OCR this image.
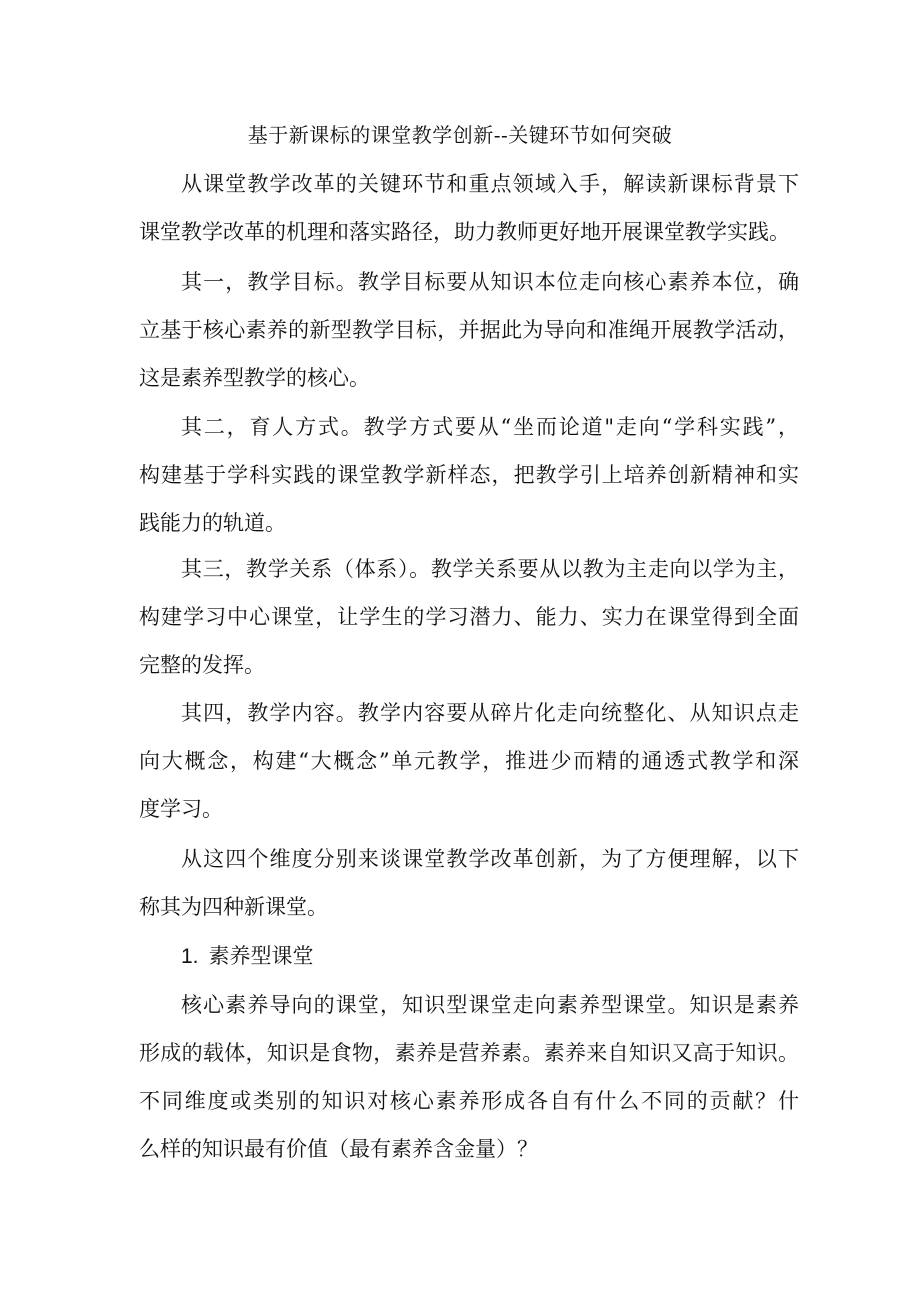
基于新课标的课堂教学创新--关键环节如何突破
从课堂教学改革的关键环节和重点领域入手，解读新课标背景下
课堂教学改革的机理和落实路径，助力教师更好地开展课堂教学实践。
其一，教学目标。教学目标要从知识本位走向核心素养本位，确
立基于核心素养的新型教学目标，并据此为导向和准绳开展教学活动，
这是素养型教学的核心。
其二，育人方式。教学方式要从“坐而论道"走向“学科实践”，
构建基于学科实践的课堂教学新样态，把教学引上培养创新精神和实
践能力的轨道。
其三，教学关系（体系）。教学关系要从以教为主走向以学为主，
构建学习中心课堂，让学生的学习潜力、能力、实力在课堂得到全面
完整的发挥。
其四，教学内容。教学内容要从碎片化走向统整化、从知识点走
向大概念，构建“大概念”单元教学，推进少而精的通透式教学和深
度学习。
从这四个维度分别来谈课堂教学改革创新，为了方便理解，以下
称其为四种新课堂。
1. 素养型课堂
核心素养导向的课堂，知识型课堂走向素养型课堂。知识是素养
形成的载体，知识是食物，素养是营养素。素养来自知识又高于知识。
不同维度或类别的知识对核心素养形成各自有什么不同的贡献？什
么样的知识最有价值（最有素养含金量）？
